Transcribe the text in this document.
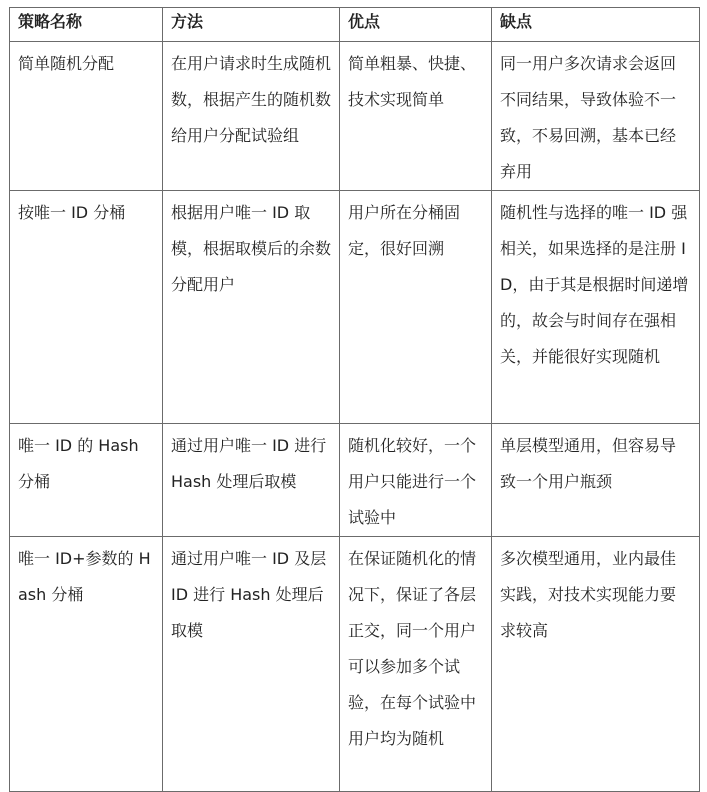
策略名称	方法	优点	缺点

简单随机分配	在用户请求时生成随机数，根据产生的随机数给用户分配试验组	简单粗暴、快捷、技术实现简单	同一用户多次请求会返回不同结果，导致体验不一致，不易回溯，基本已经弃用

按唯一 ID 分桶	根据用户唯一 ID 取模，根据取模后的余数分配用户	用户所在分桶固定，很好回溯	随机性与选择的唯一 ID 强相关，如果选择的是注册 ID，由于其是根据时间递增的，故会与时间存在强相关，并能很好实现随机

唯一 ID 的 Hash 分桶	通过用户唯一 ID 进行 Hash 处理后取模	随机化较好，一个用户只能进行一个试验中	单层模型通用，但容易导致一个用户瓶颈

唯一 ID+参数的 Hash 分桶	通过用户唯一 ID 及层 ID 进行 Hash 处理后取模	在保证随机化的情况下，保证了各层正交，同一个用户可以参加多个试验，在每个试验中用户均为随机	多次模型通用，业内最佳实践，对技术实现能力要求较高
